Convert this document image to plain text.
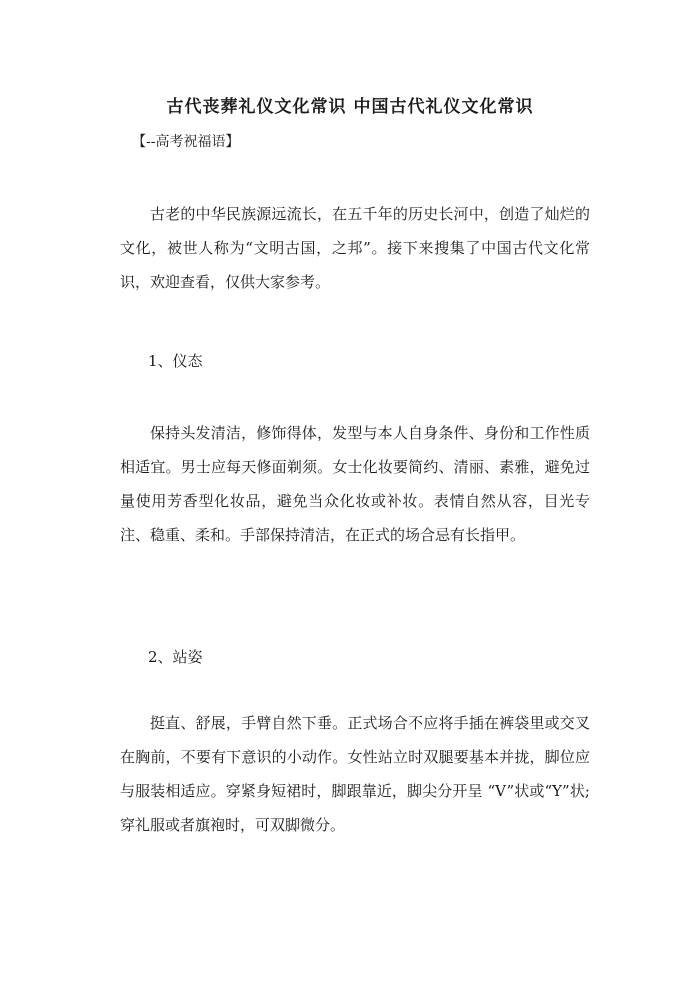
古代丧葬礼仪文化常识 中国古代礼仪文化常识

【--高考祝福语】

古老的中华民族源远流长，在五千年的历史长河中，创造了灿烂的文化，被世人称为“文明古国，之邦”。接下来搜集了中国古代文化常识，欢迎查看，仅供大家参考。

1、仪态

保持头发清洁，修饰得体，发型与本人自身条件、身份和工作性质相适宜。男士应每天修面剃须。女士化妆要简约、清丽、素雅，避免过量使用芳香型化妆品，避免当众化妆或补妆。表情自然从容，目光专注、稳重、柔和。手部保持清洁，在正式的场合忌有长指甲。

2、站姿

挺直、舒展，手臂自然下垂。正式场合不应将手插在裤袋里或交叉在胸前，不要有下意识的小动作。女性站立时双腿要基本并拢，脚位应与服装相适应。穿紧身短裙时，脚跟靠近，脚尖分开呈 “V”状或“Y”状;穿礼服或者旗袍时，可双脚微分。
